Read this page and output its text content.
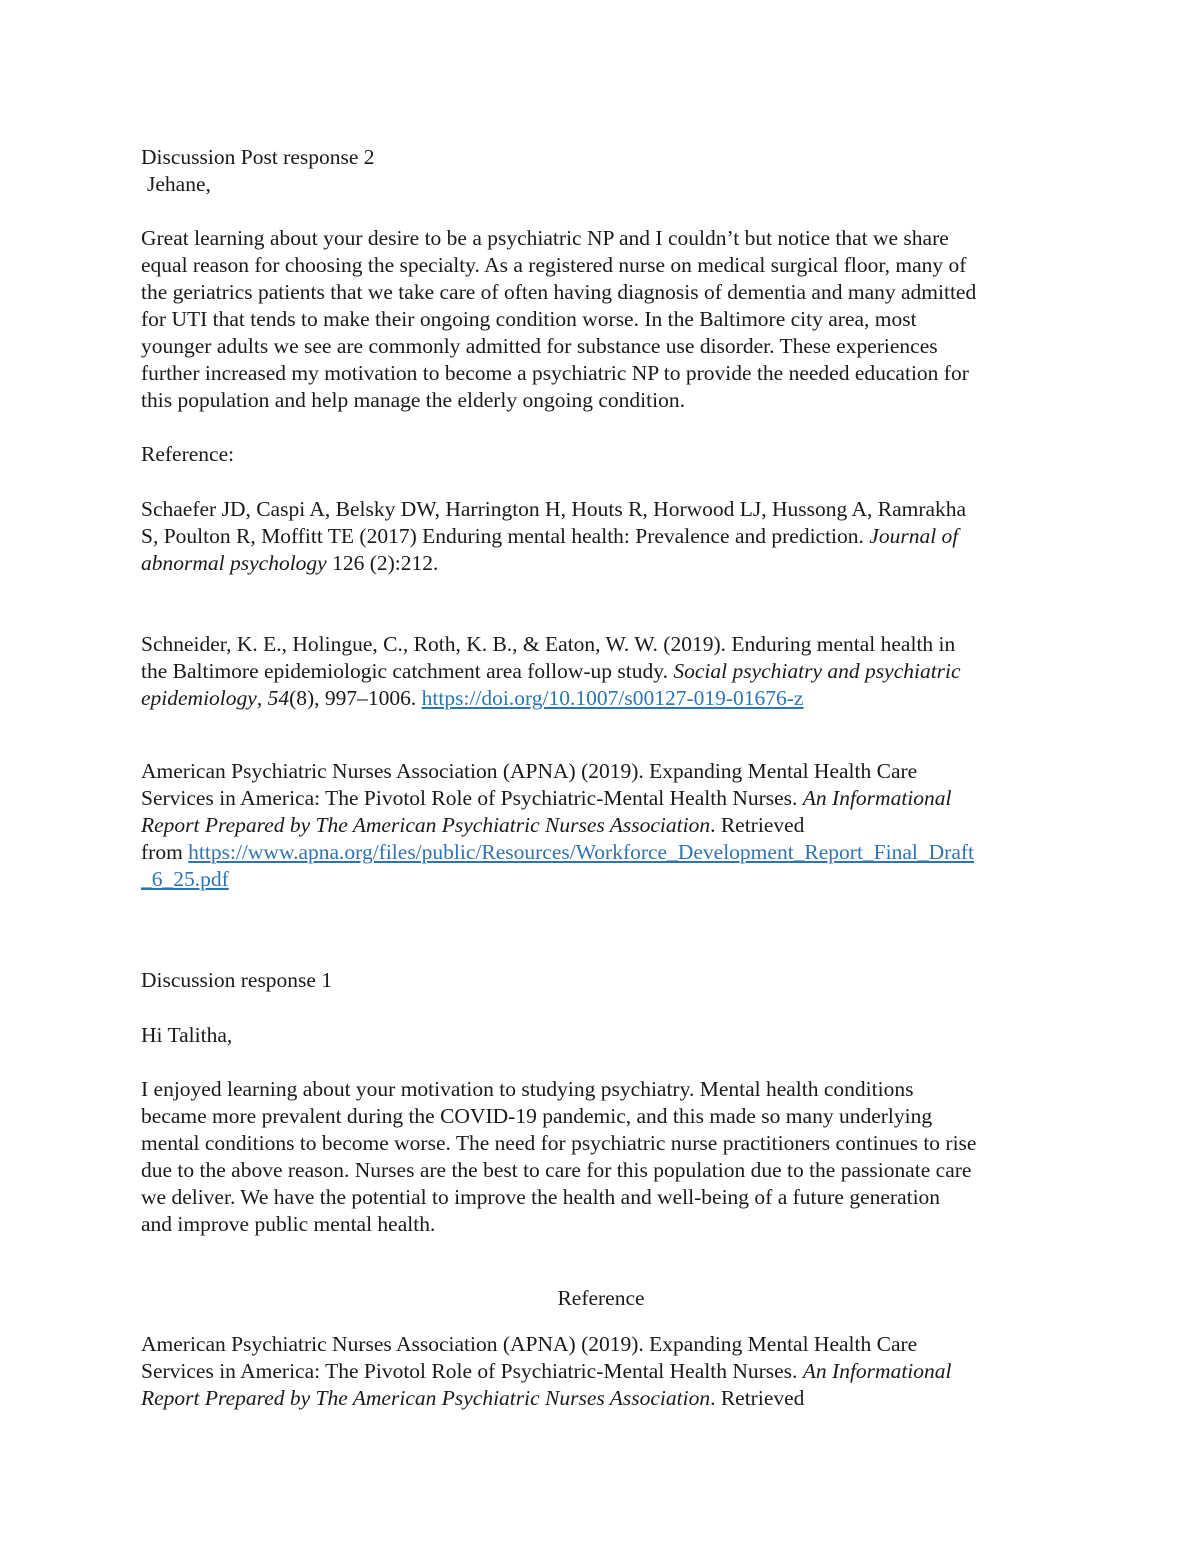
Discussion Post response 2
Jehane,
Great learning about your desire to be a psychiatric NP and I couldn’t but notice that we share
equal reason for choosing the specialty. As a registered nurse on medical surgical floor, many of
the geriatrics patients that we take care of often having diagnosis of dementia and many admitted
for UTI that tends to make their ongoing condition worse. In the Baltimore city area, most
younger adults we see are commonly admitted for substance use disorder. These experiences
further increased my motivation to become a psychiatric NP to provide the needed education for
this population and help manage the elderly ongoing condition.
Reference:
Schaefer JD, Caspi A, Belsky DW, Harrington H, Houts R, Horwood LJ, Hussong A, Ramrakha
S, Poulton R, Moffitt TE (2017) Enduring mental health: Prevalence and prediction. Journal of
abnormal psychology 126 (2):212.
Schneider, K. E., Holingue, C., Roth, K. B., & Eaton, W. W. (2019). Enduring mental health in
the Baltimore epidemiologic catchment area follow-up study. Social psychiatry and psychiatric
epidemiology, 54(8), 997–1006. https://doi.org/10.1007/s00127-019-01676-z
American Psychiatric Nurses Association (APNA) (2019). Expanding Mental Health Care
Services in America: The Pivotol Role of Psychiatric-Mental Health Nurses. An Informational
Report Prepared by The American Psychiatric Nurses Association. Retrieved
from https://www.apna.org/files/public/Resources/Workforce_Development_Report_Final_Draft
_6_25.pdf
Discussion response 1
Hi Talitha,
I enjoyed learning about your motivation to studying psychiatry. Mental health conditions
became more prevalent during the COVID-19 pandemic, and this made so many underlying
mental conditions to become worse. The need for psychiatric nurse practitioners continues to rise
due to the above reason. Nurses are the best to care for this population due to the passionate care
we deliver. We have the potential to improve the health and well-being of a future generation
and improve public mental health.
Reference
American Psychiatric Nurses Association (APNA) (2019). Expanding Mental Health Care
Services in America: The Pivotol Role of Psychiatric-Mental Health Nurses. An Informational
Report Prepared by The American Psychiatric Nurses Association. Retrieved
